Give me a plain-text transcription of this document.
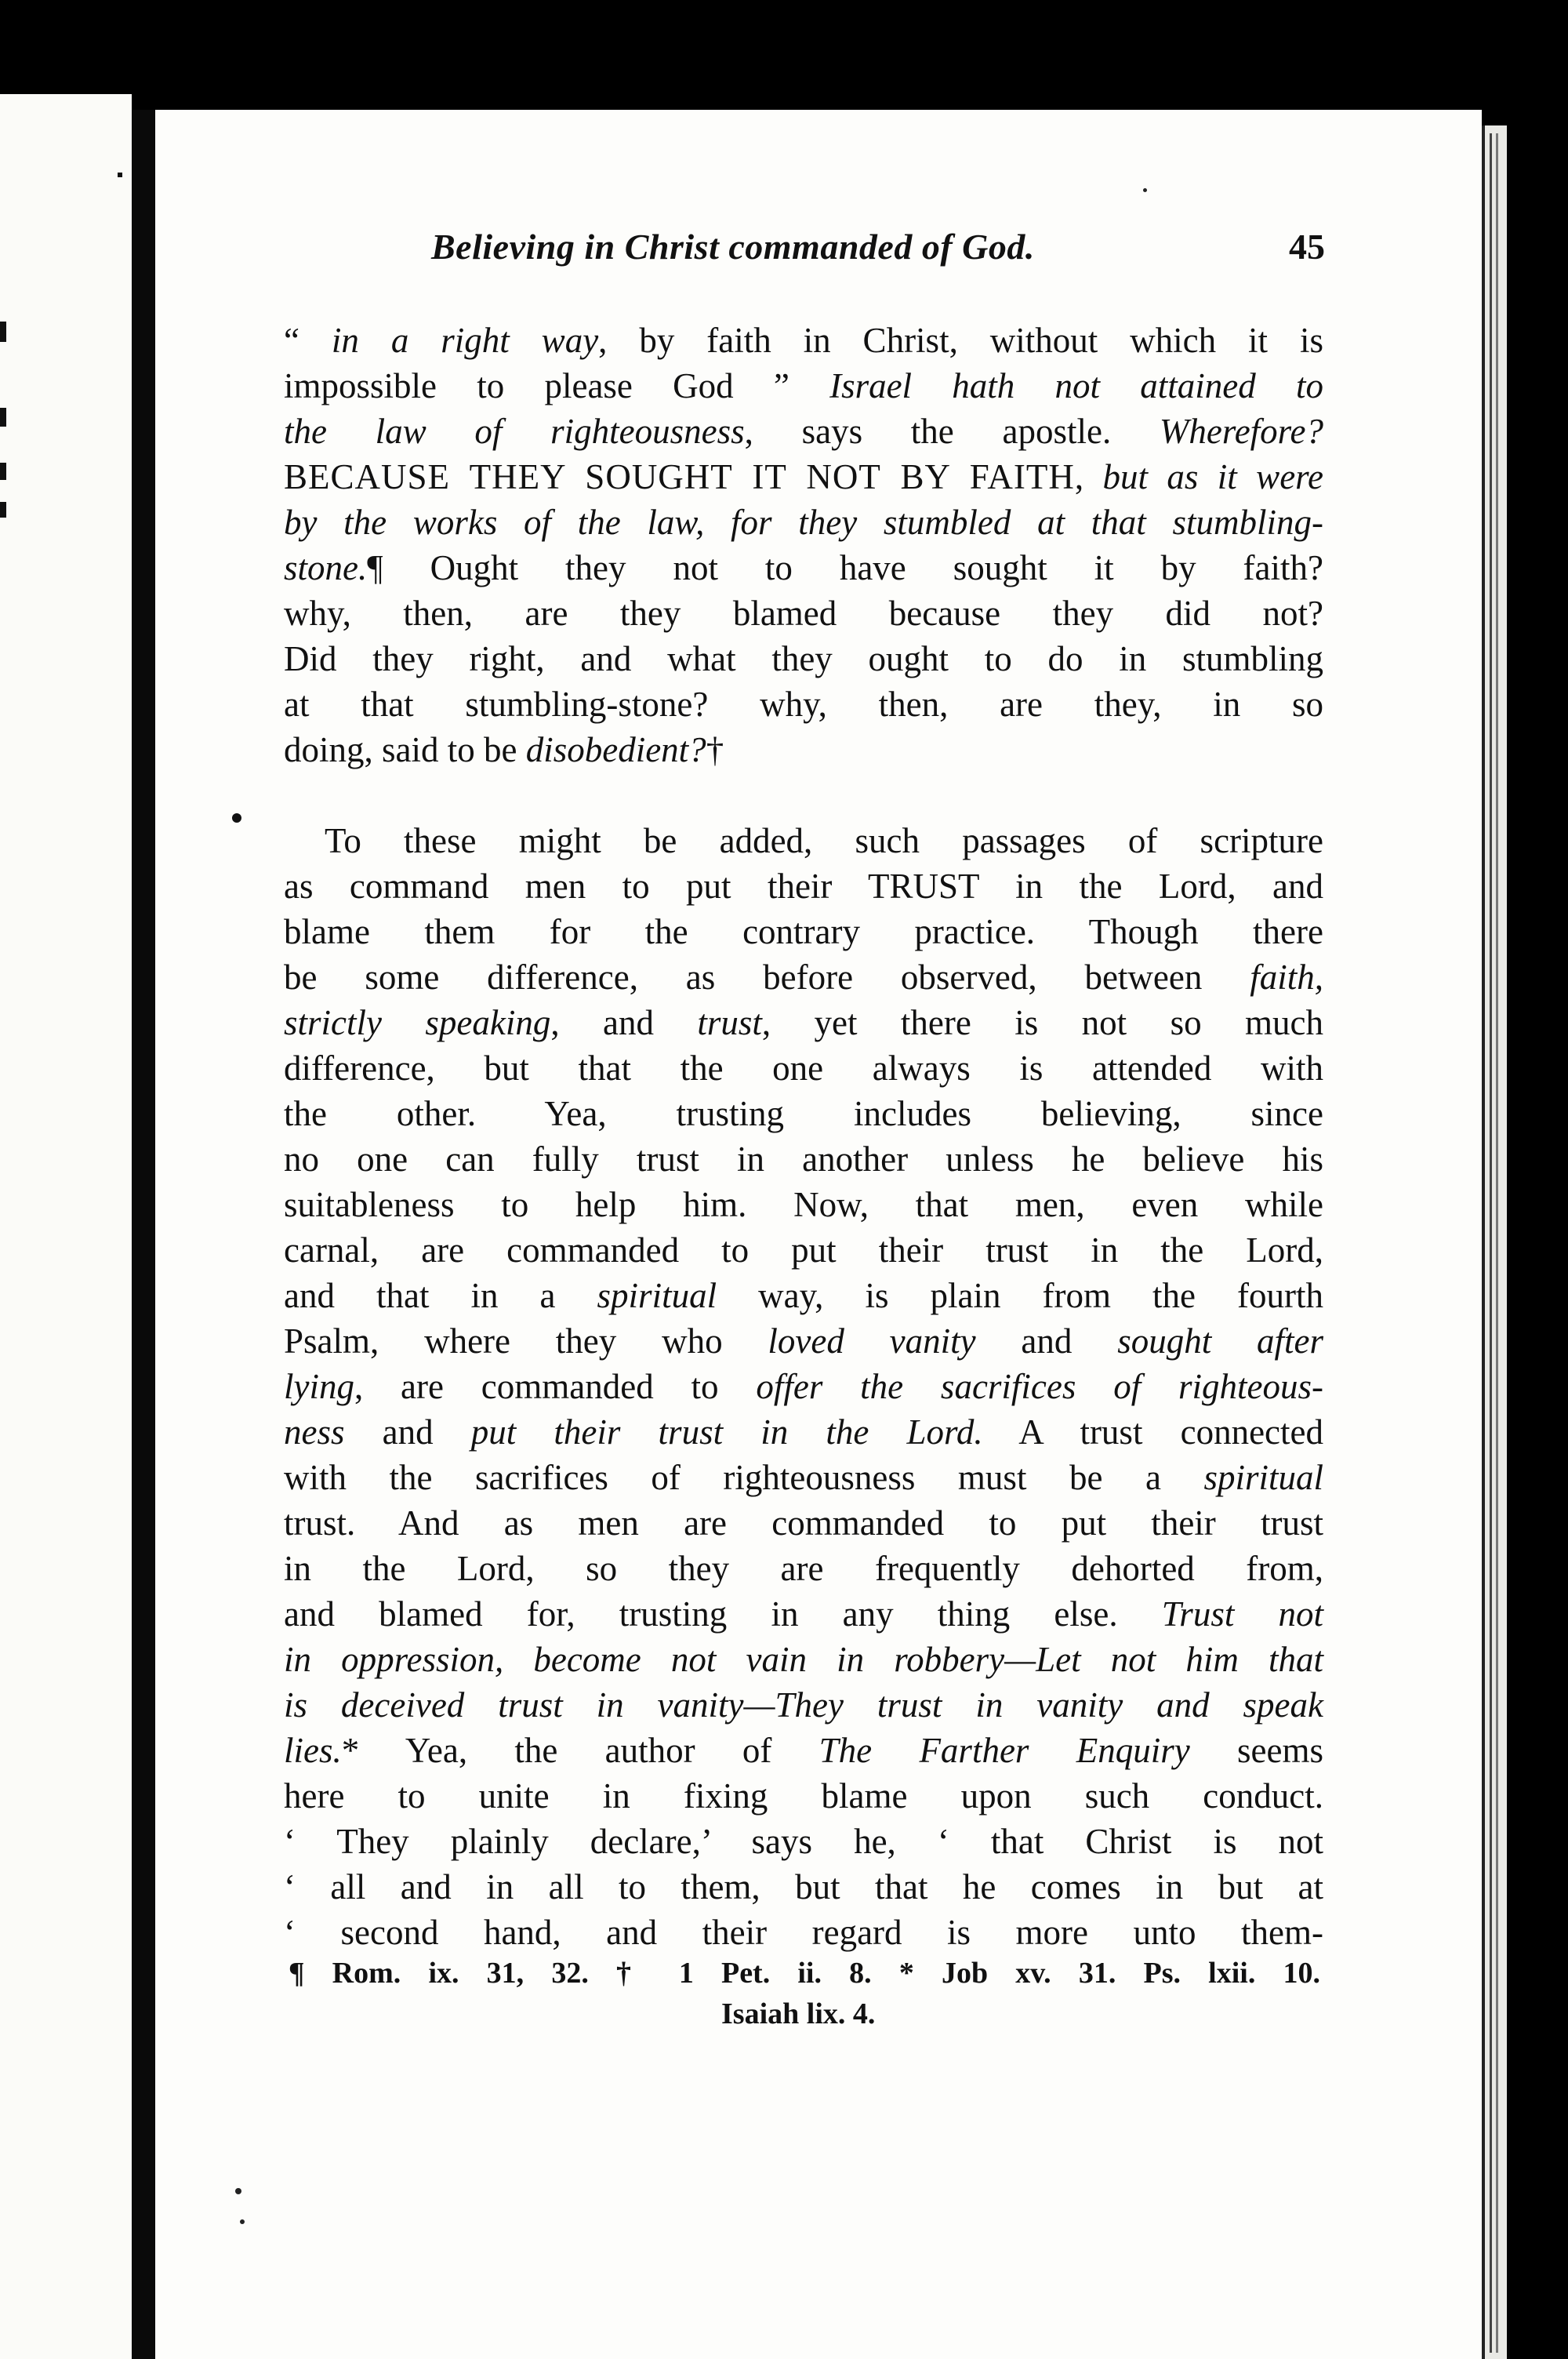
Believing in Christ commanded of God.	45
“ in a right way, by faith in Christ, without which it is
impossible to please God ” Israel hath not attained to
the law of righteousness, says the apostle. Wherefore?
BECAUSE THEY SOUGHT IT NOT BY FAITH, but as it were
by the works of the law, for they stumbled at that stumbling-
stone.¶ Ought they not to have sought it by faith?
why, then, are they blamed because they did not?
Did they right, and what they ought to do in stumbling
at that stumbling-stone? why, then, are they, in so
doing, said to be disobedient?†
To these might be added, such passages of scripture
as command men to put their TRUST in the Lord, and
blame them for the contrary practice. Though there
be some difference, as before observed, between faith,
strictly speaking, and trust, yet there is not so much
difference, but that the one always is attended with
the other. Yea, trusting includes believing, since
no one can fully trust in another unless he believe his
suitableness to help him. Now, that men, even while
carnal, are commanded to put their trust in the Lord,
and that in a spiritual way, is plain from the fourth
Psalm, where they who loved vanity and sought after
lying, are commanded to offer the sacrifices of righteous-
ness and put their trust in the Lord. A trust connected
with the sacrifices of righteousness must be a spiritual
trust. And as men are commanded to put their trust
in the Lord, so they are frequently dehorted from,
and blamed for, trusting in any thing else. Trust not
in oppression, become not vain in robbery—Let not him that
is deceived trust in vanity—They trust in vanity and speak
lies.* Yea, the author of The Farther Enquiry seems
here to unite in fixing blame upon such conduct.
‘ They plainly declare,’ says he, ‘ that Christ is not
‘ all and in all to them, but that he comes in but at
‘ second hand, and their regard is more unto them-
¶ Rom. ix. 31, 32. † 1 Pet. ii. 8. * Job xv. 31. Ps. lxii. 10.
Isaiah lix. 4.
